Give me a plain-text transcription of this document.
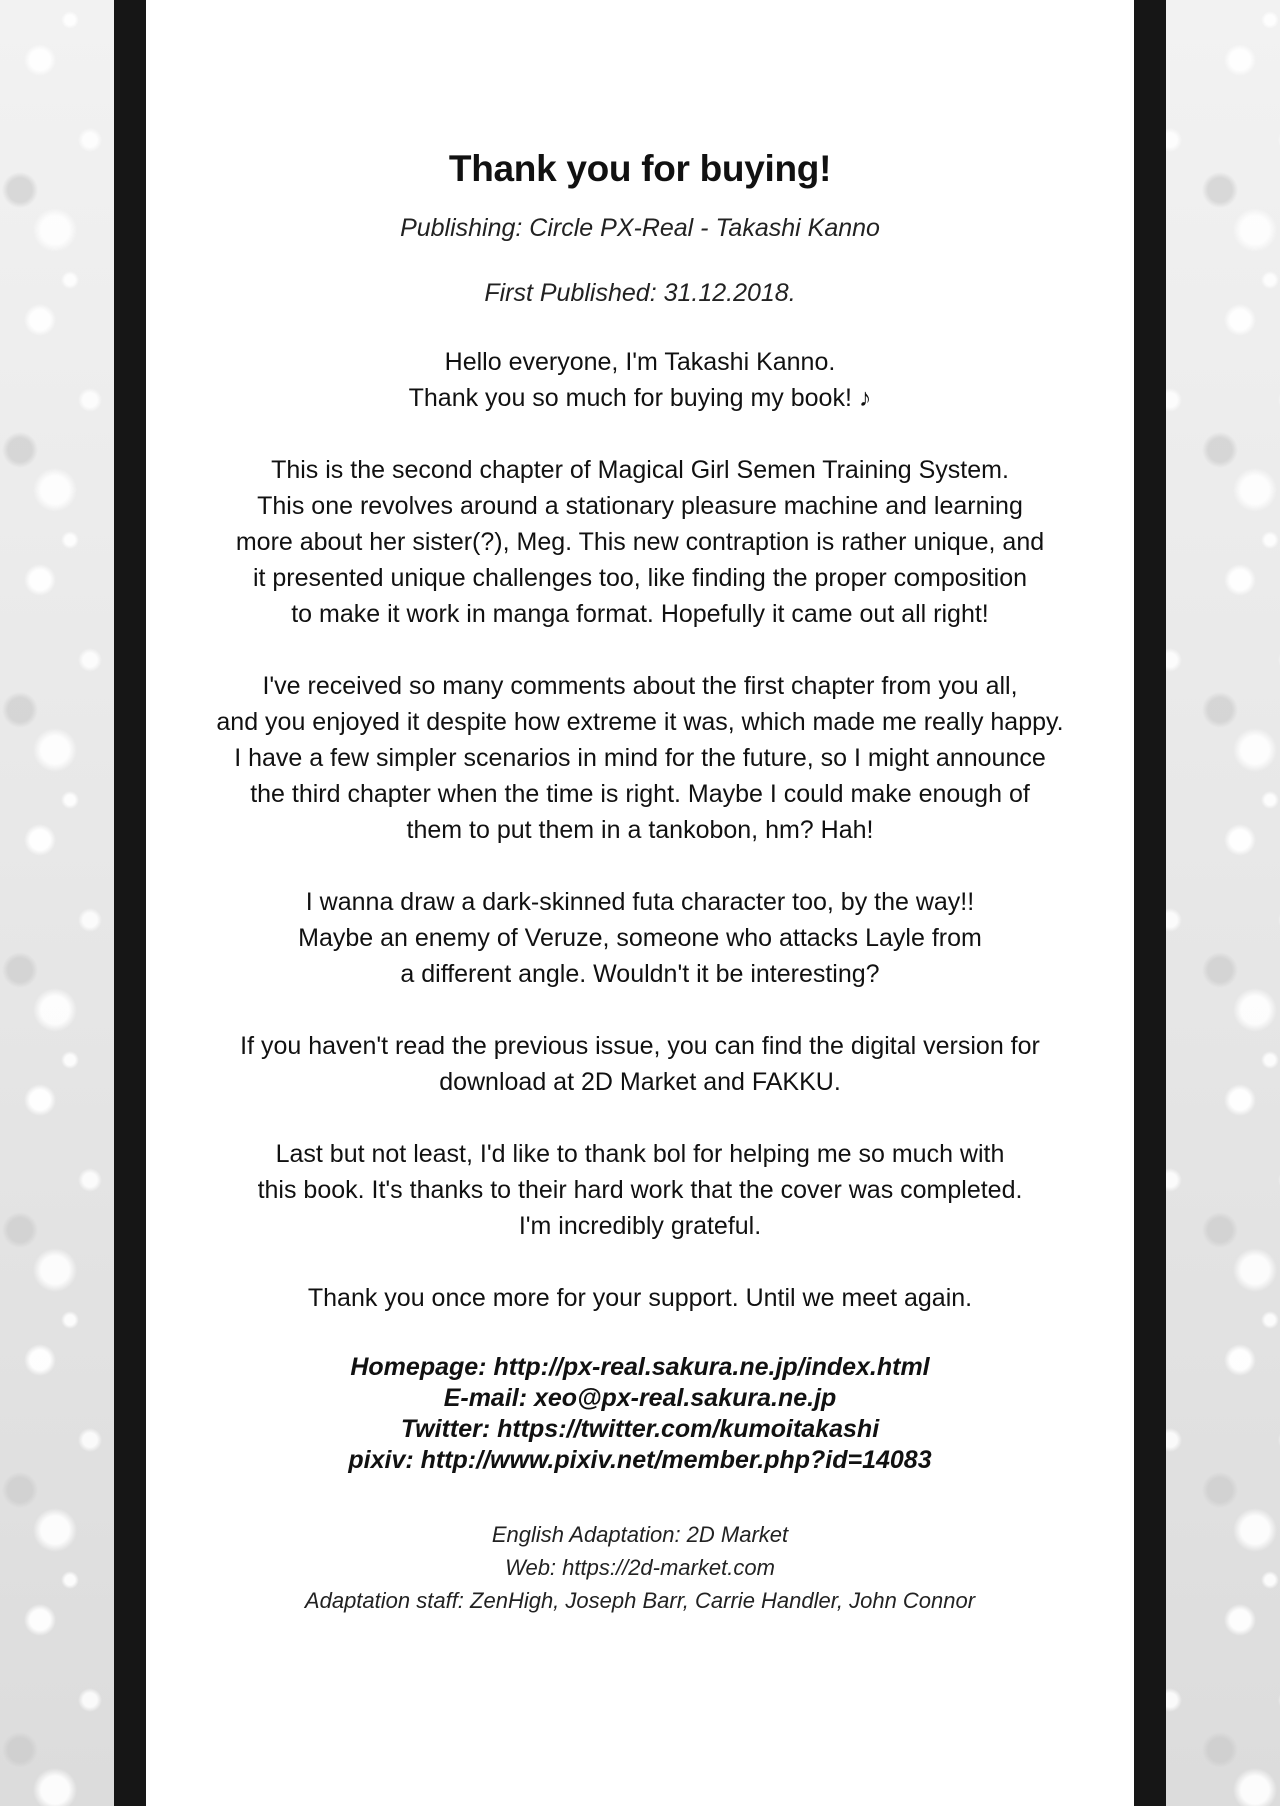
Thank you for buying!

Publishing: Circle PX-Real - Takashi Kanno

First Published: 31.12.2018.

Hello everyone, I'm Takashi Kanno.
Thank you so much for buying my book! ♪

This is the second chapter of Magical Girl Semen Training System.
This one revolves around a stationary pleasure machine and learning
more about her sister(?), Meg. This new contraption is rather unique, and
it presented unique challenges too, like finding the proper composition
to make it work in manga format. Hopefully it came out all right!

I've received so many comments about the first chapter from you all,
and you enjoyed it despite how extreme it was, which made me really happy.
I have a few simpler scenarios in mind for the future, so I might announce
the third chapter when the time is right. Maybe I could make enough of
them to put them in a tankobon, hm? Hah!

I wanna draw a dark-skinned futa character too, by the way!!
Maybe an enemy of Veruze, someone who attacks Layle from
a different angle. Wouldn't it be interesting?

If you haven't read the previous issue, you can find the digital version for
download at 2D Market and FAKKU.

Last but not least, I'd like to thank bol for helping me so much with
this book. It's thanks to their hard work that the cover was completed.
I'm incredibly grateful.

Thank you once more for your support. Until we meet again.

Homepage: http://px-real.sakura.ne.jp/index.html
E-mail: xeo@px-real.sakura.ne.jp
Twitter: https://twitter.com/kumoitakashi
pixiv: http://www.pixiv.net/member.php?id=14083
English Adaptation: 2D Market
Web: https://2d-market.com
Adaptation staff: ZenHigh, Joseph Barr, Carrie Handler, John Connor
